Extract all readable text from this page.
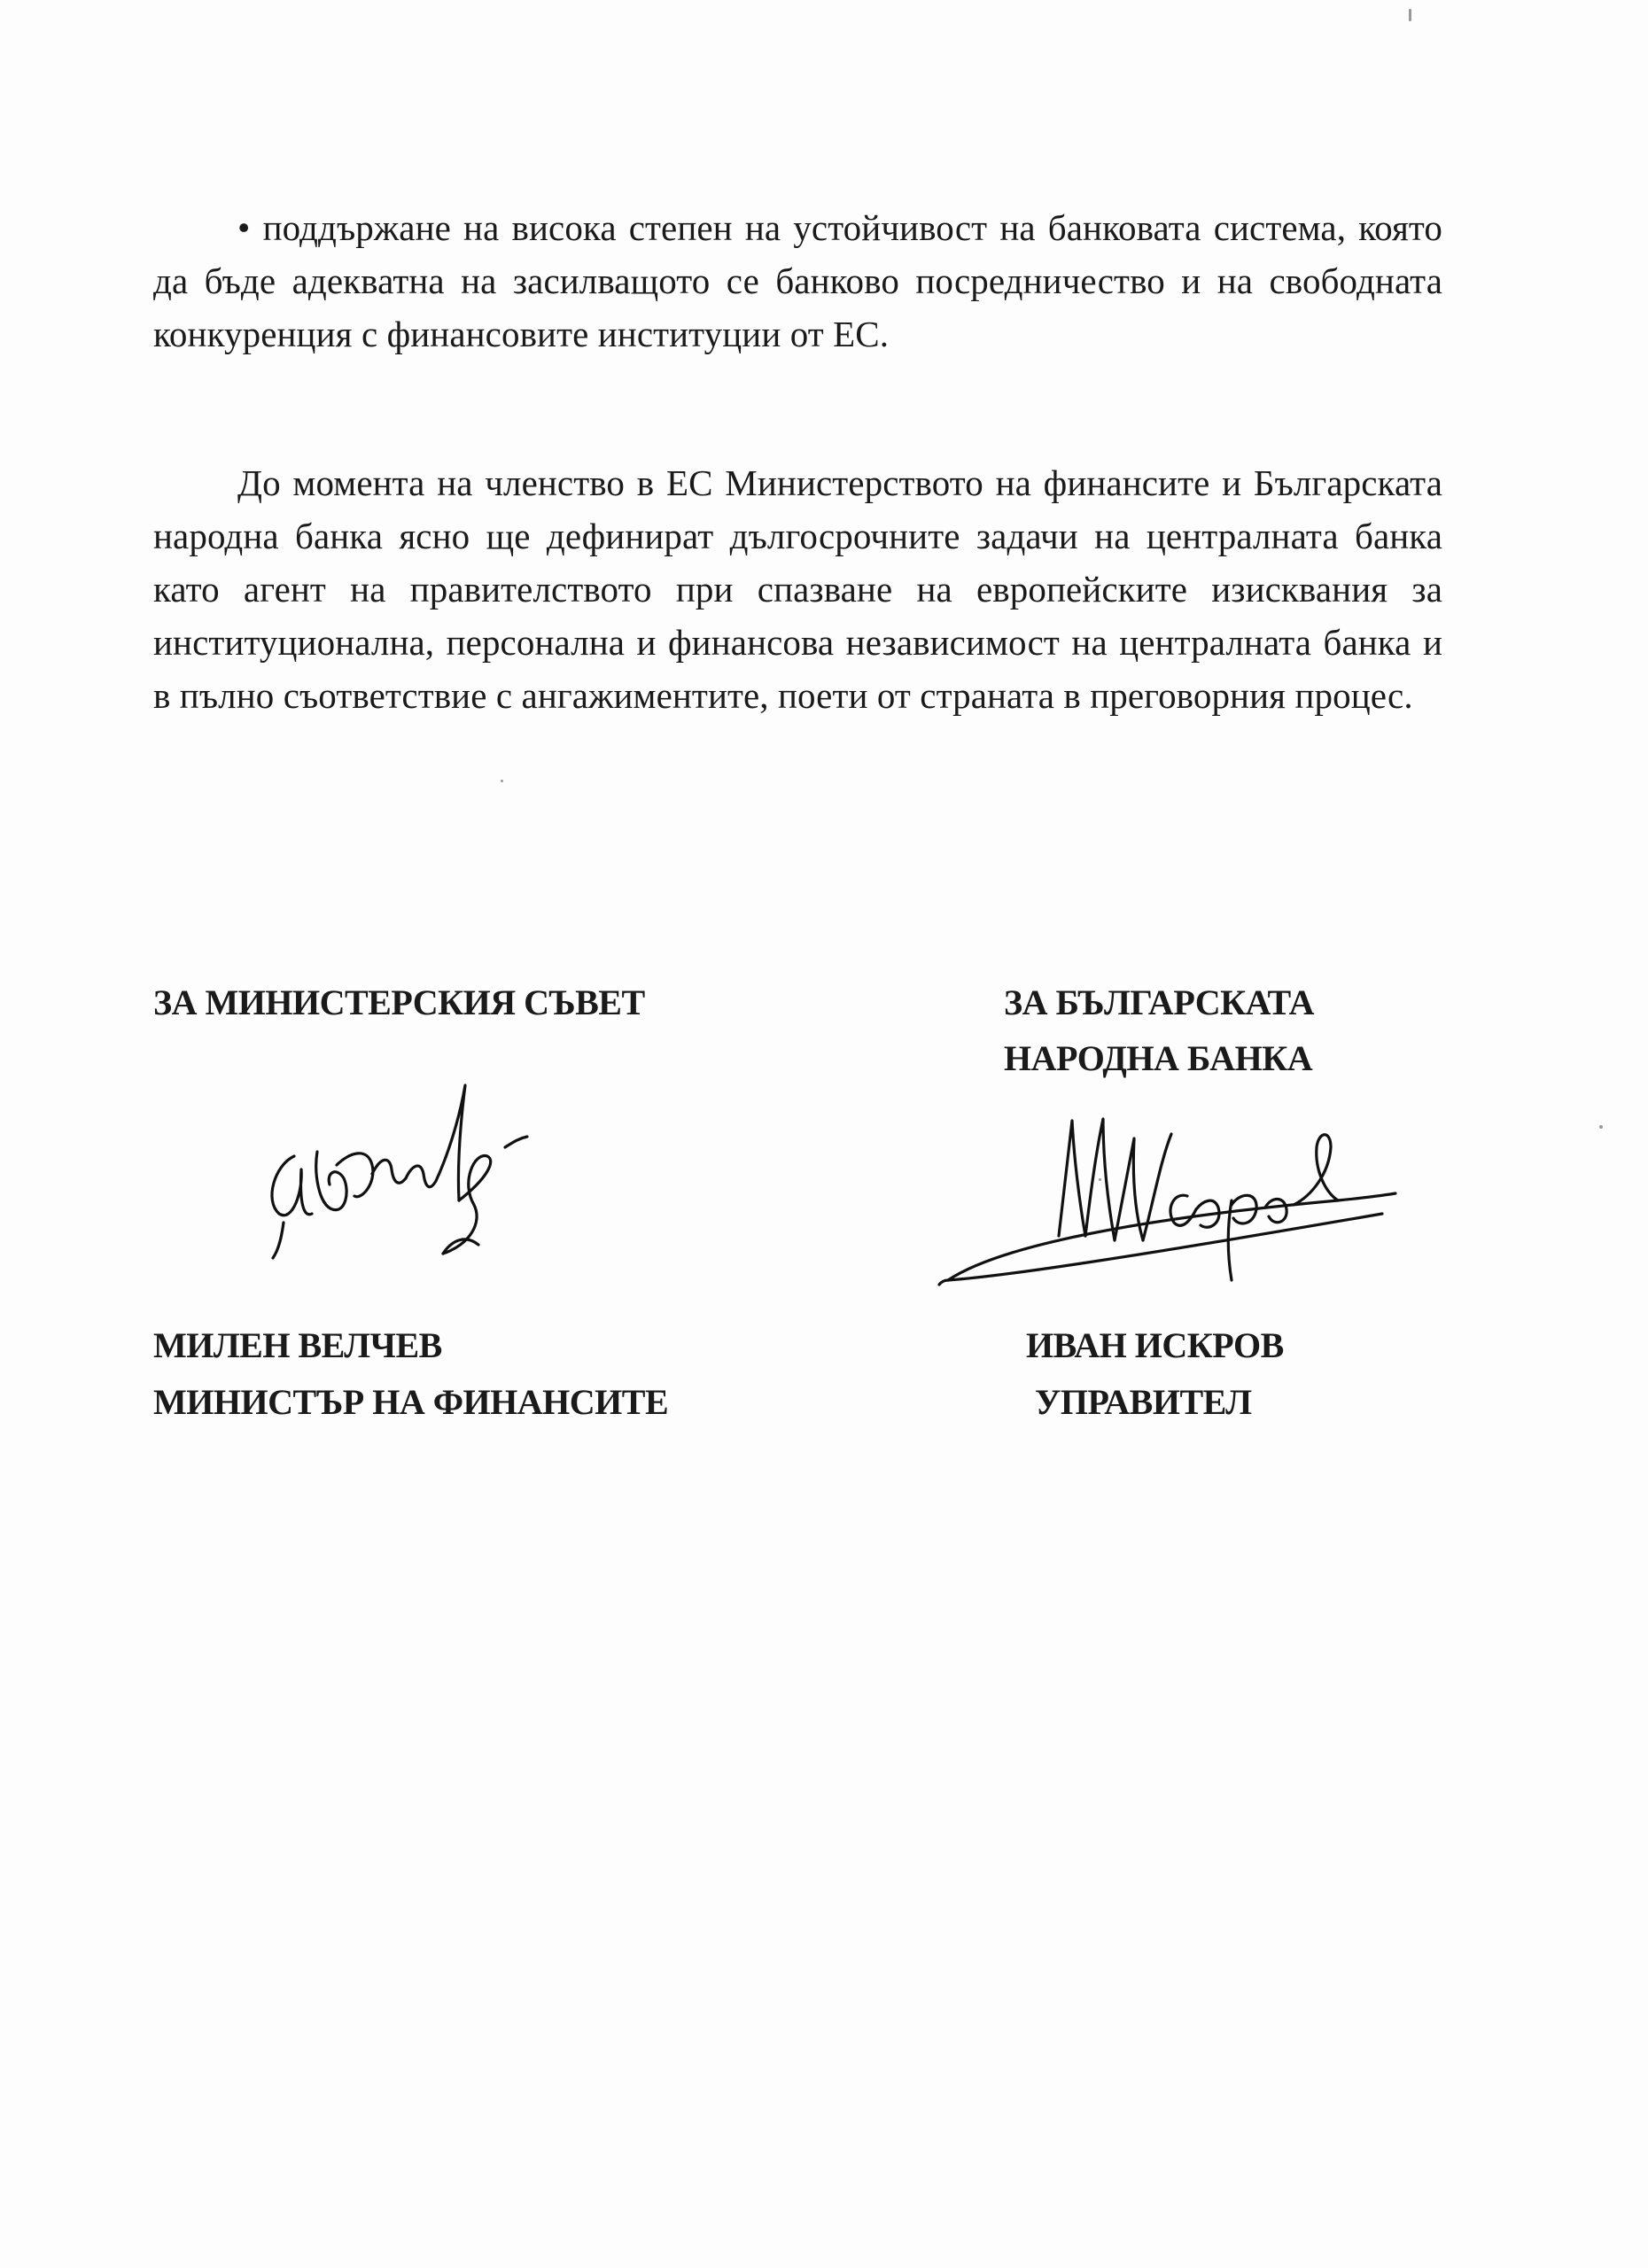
• поддържане на висока степен на устойчивост на банковата система, която да бъде адекватна на засилващото се банково посредничество и на свободната конкуренция с финансовите институции от ЕС.
До момента на членство в ЕС Министерството на финансите и Българската народна банка ясно ще дефинират дългосрочните задачи на централната банка като агент на правителството при спазване на европейските изисквания за институционална, персонална и финансова независимост на централната банка и в пълно съответствие с ангажиментите, поети от страната в преговорния процес.
ЗА МИНИСТЕРСКИЯ СЪВЕТ
МИЛЕН ВЕЛЧЕВ
МИНИСТЪР НА ФИНАНСИТЕ
ЗА БЪЛГАРСКАТА
НАРОДНА БАНКА
ИВАН ИСКРОВ
УПРАВИТЕЛ
